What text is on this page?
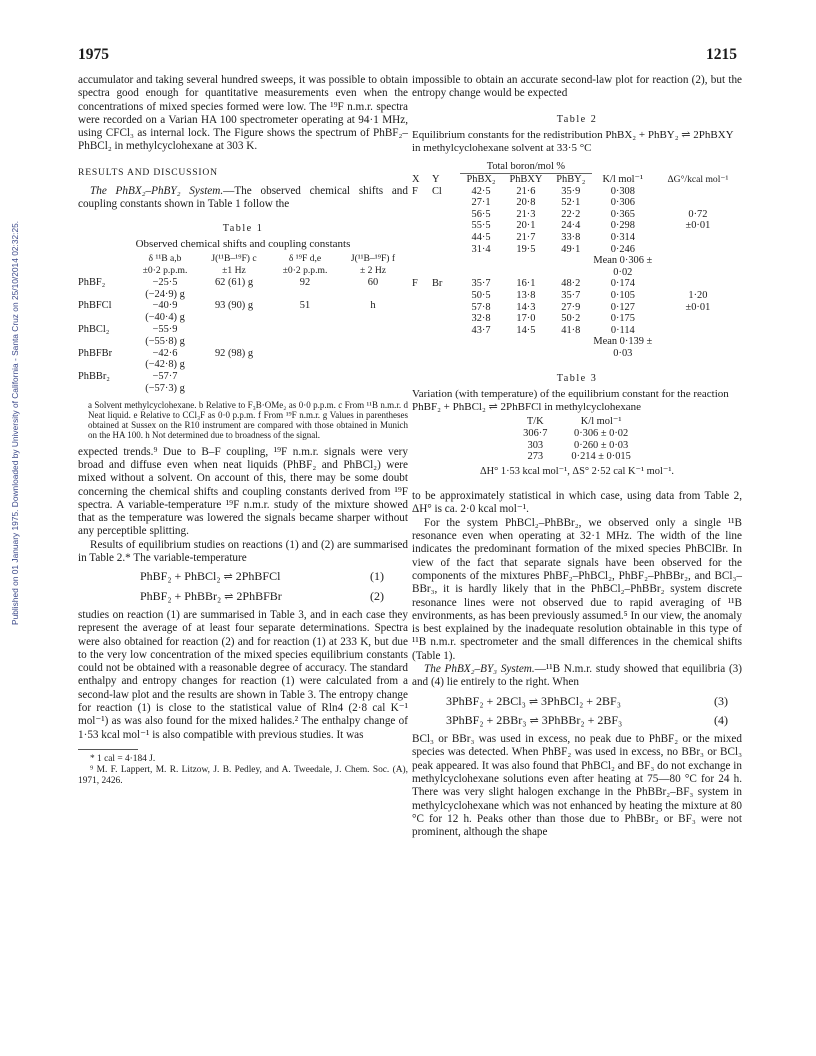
1975	1215
Published on 01 January 1975. Downloaded by University of California - Santa Cruz on 25/10/2014 02:32:25.

accumulator and taking several hundred sweeps, it was possible to obtain spectra good enough for quantitative measurements even when the concentrations of mixed species formed were low. The ¹⁹F n.m.r. spectra were recorded on a Varian HA 100 spectrometer operating at 94·1 MHz, using CFCl₃ as internal lock. The Figure shows the spectrum of PhBF₂–PhBCl₂ in methylcyclohexane at 303 K.

RESULTS AND DISCUSSION

The PhBX₂–PhBY₂ System.—The observed chemical shifts and coupling constants shown in Table 1 follow the

Table 1
Observed chemical shifts and coupling constants
	δ ¹¹B a,b	J(¹¹B–¹⁹F) c	δ ¹⁹F d,e	J(¹¹B–¹⁹F) f
	±0·2 p.p.m.	±1 Hz	±0·2 p.p.m.	± 2 Hz
PhBF₂	−25·5	62 (61) g	92	60
	(−24·9) g			
PhBFCl	−40·9	93 (90) g	51	h
	(−40·4) g			
PhBCl₂	−55·9			
	(−55·8) g			
PhBFBr	−42·6	92 (98) g		
	(−42·8) g			
PhBBr₂	−57·7			
	(−57·3) g			
a Solvent methylcyclohexane. b Relative to F₃B·OMe₂ as 0·0 p.p.m. c From ¹¹B n.m.r. d Neat liquid. e Relative to CCl₃F as 0·0 p.p.m. f From ¹⁹F n.m.r. g Values in parentheses obtained at Sussex on the R10 instrument are compared with those obtained in Munich on the HA 100. h Not determined due to broadness of the signal.

expected trends.⁹ Due to B–F coupling, ¹⁹F n.m.r. signals were very broad and diffuse even when neat liquids (PhBF₂ and PhBCl₂) were mixed without a solvent. On account of this, there may be some doubt concerning the chemical shifts and coupling constants derived from ¹⁹F spectra. A variable-temperature ¹⁹F n.m.r. study of the mixture showed that as the temperature was lowered the signals became sharper without any perceptible splitting.

Results of equilibrium studies on reactions (1) and (2) are summarised in Table 2.* The variable-temperature

PhBF₂ + PhBCl₂ ⇌ 2PhBFCl	(1)
PhBF₂ + PhBBr₂ ⇌ 2PhBFBr	(2)

studies on reaction (1) are summarised in Table 3, and in each case they represent the average of at least four separate determinations. Spectra were also obtained for reaction (2) and for reaction (1) at 233 K, but due to the very low concentration of the mixed species equilibrium constants could not be obtained with a reasonable degree of accuracy. The standard enthalpy and entropy changes for reaction (1) were calculated from a second-law plot and the results are shown in Table 3. The entropy change for reaction (1) is close to the statistical value of Rln4 (2·8 cal K⁻¹ mol⁻¹) as was also found for the mixed halides.² The enthalpy change of 1·53 kcal mol⁻¹ is also compatible with previous studies. It was

* 1 cal = 4·184 J.

⁹ M. F. Lappert, M. R. Litzow, J. B. Pedley, and A. Tweedale, J. Chem. Soc. (A), 1971, 2426.

impossible to obtain an accurate second-law plot for reaction (2), but the entropy change would be expected

Table 2
Equilibrium constants for the redistribution PhBX₂ + PhBY₂ ⇌ 2PhBXY in methylcyclohexane solvent at 33·5 °C
		Total boron/mol %				
X	Y	PhBX₂	PhBXY	PhBY₂	K/l mol⁻¹	ΔG°/kcal mol⁻¹
F	Cl	42·5	21·6	35·9	0·308	
		27·1	20·8	52·1	0·306	
		56·5	21·3	22·2	0·365	0·72
		55·5	20·1	24·4	0·298	±0·01
		44·5	21·7	33·8	0·314	
		31·4	19·5	49·1	0·246	
					Mean 0·306 ± 0·02	
F	Br	35·7	16·1	48·2	0·174	
		50·5	13·8	35·7	0·105	1·20
		57·8	14·3	27·9	0·127	±0·01
		32·8	17·0	50·2	0·175	
		43·7	14·5	41·8	0·114	
					Mean 0·139 ± 0·03	
Table 3
Variation (with temperature) of the equilibrium constant for the reaction PhBF₂ + PhBCl₂ ⇌ 2PhBFCl in methylcyclohexane
T/K	K/l mol⁻¹
306·7	0·306 ± 0·02
303	0·260 ± 0·03
273	0·214 ± 0·015
ΔH° 1·53 kcal mol⁻¹, ΔS° 2·52 cal K⁻¹ mol⁻¹.

to be approximately statistical in which case, using data from Table 2, ΔH° is ca. 2·0 kcal mol⁻¹.

For the system PhBCl₂–PhBBr₂, we observed only a single ¹¹B resonance even when operating at 32·1 MHz. The width of the line indicates the predominant formation of the mixed species PhBClBr. In view of the fact that separate signals have been observed for the components of the mixtures PhBF₂–PhBCl₂, PhBF₂–PhBBr₂, and BCl₃–BBr₃, it is hardly likely that in the PhBCl₂–PhBBr₂ system discrete resonance lines were not observed due to rapid averaging of ¹¹B environments, as has been previously assumed.⁵ In our view, the anomaly is best explained by the inadequate resolution obtainable in this type of ¹¹B n.m.r. spectrometer and the small differences in the chemical shifts (Table 1).

The PhBX₂–BY₃ System.—¹¹B N.m.r. study showed that equilibria (3) and (4) lie entirely to the right. When

3PhBF₂ + 2BCl₃ ⇌ 3PhBCl₂ + 2BF₃	(3)
3PhBF₂ + 2BBr₃ ⇌ 3PhBBr₂ + 2BF₃	(4)

BCl₃ or BBr₃ was used in excess, no peak due to PhBF₂ or the mixed species was detected. When PhBF₂ was used in excess, no BBr₃ or BCl₃ peak appeared. It was also found that PhBCl₂ and BF₃ do not exchange in methylcyclohexane solutions even after heating at 75—80 °C for 24 h. There was very slight halogen exchange in the PhBBr₂–BF₃ system in methylcyclohexane which was not enhanced by heating the mixture at 80 °C for 12 h. Peaks other than those due to PhBBr₂ or BF₃ were not prominent, although the shape
